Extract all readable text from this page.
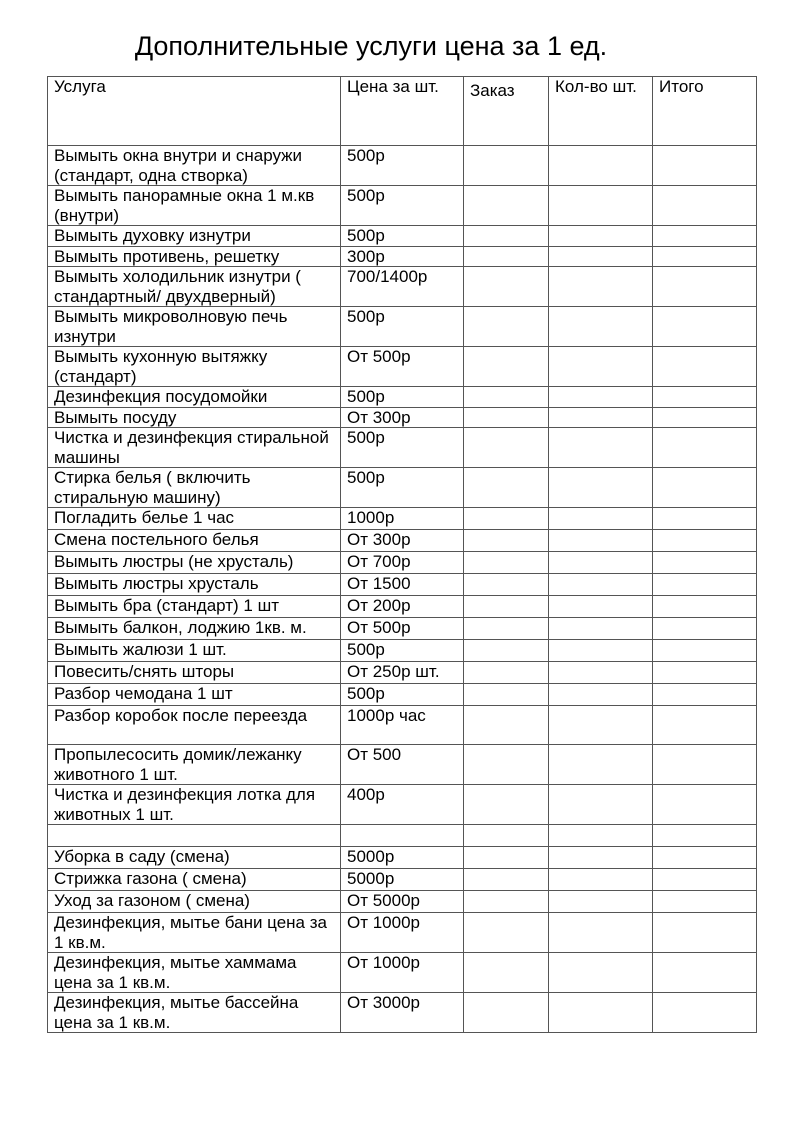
Дополнительные услуги цена за 1 ед.
Услуга	Цена за шт.	Заказ	Кол-во шт.	Итого
Вымыть окна внутри и снаружи (стандарт, одна створка)	500р			
Вымыть панорамные окна 1 м.кв (внутри)	500р			
Вымыть духовку изнутри	500р			
Вымыть противень, решетку	300р			
Вымыть холодильник изнутри ( стандартный/ двухдверный)	700/1400р			
Вымыть микроволновую печь изнутри	500р			
Вымыть кухонную вытяжку (стандарт)	От 500р			
Дезинфекция посудомойки	500р			
Вымыть посуду	От 300р			
Чистка и дезинфекция стиральной машины	500р			
Стирка белья ( включить стиральную машину)	500р			
Погладить белье 1 час	1000р			
Смена постельного белья	От 300р			
Вымыть люстры (не хрусталь)	От 700р			
Вымыть люстры хрусталь	От 1500			
Вымыть бра (стандарт) 1 шт	От 200р			
Вымыть балкон, лоджию 1кв. м.	От 500р			
Вымыть жалюзи 1 шт.	500р			
Повесить/снять шторы	От 250р шт.			
Разбор чемодана 1 шт	500р			
Разбор коробок после переезда	1000р час			
Пропылесосить домик/лежанку животного 1 шт.	От 500			
Чистка и дезинфекция лотка для животных 1 шт.	400р			

Уборка в саду (смена)	5000р			
Стрижка газона ( смена)	5000р			
Уход за газоном ( смена)	От 5000р			
Дезинфекция, мытье бани цена за 1 кв.м.	От 1000р			
Дезинфекция, мытье хаммама цена за 1 кв.м.	От 1000р			
Дезинфекция, мытье бассейна цена за 1 кв.м.	От 3000р			
